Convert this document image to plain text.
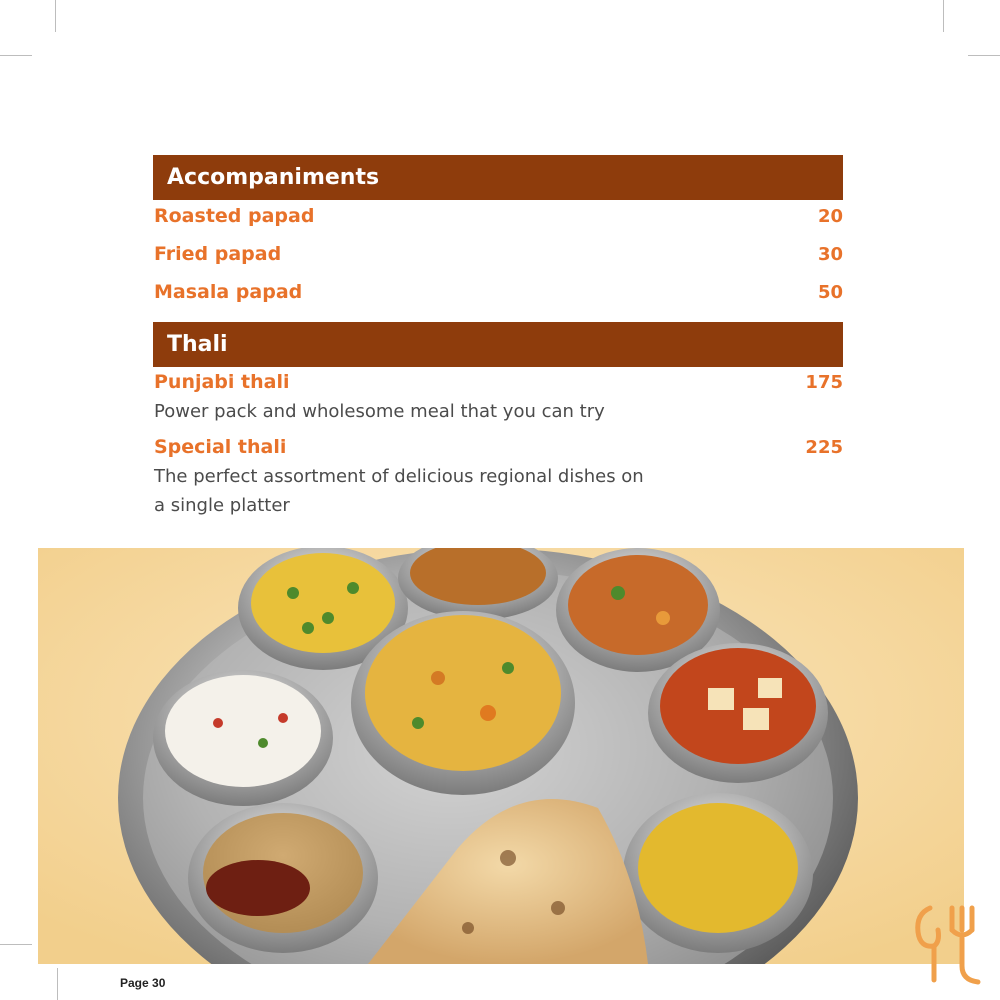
Accompaniments
Roasted papad	20
Fried papad	30
Masala papad	50
Thali
Punjabi thali	175
Power pack and wholesome meal that you can try
Special thali	225
The perfect assortment of delicious regional dishes on
a single platter
Page 30
